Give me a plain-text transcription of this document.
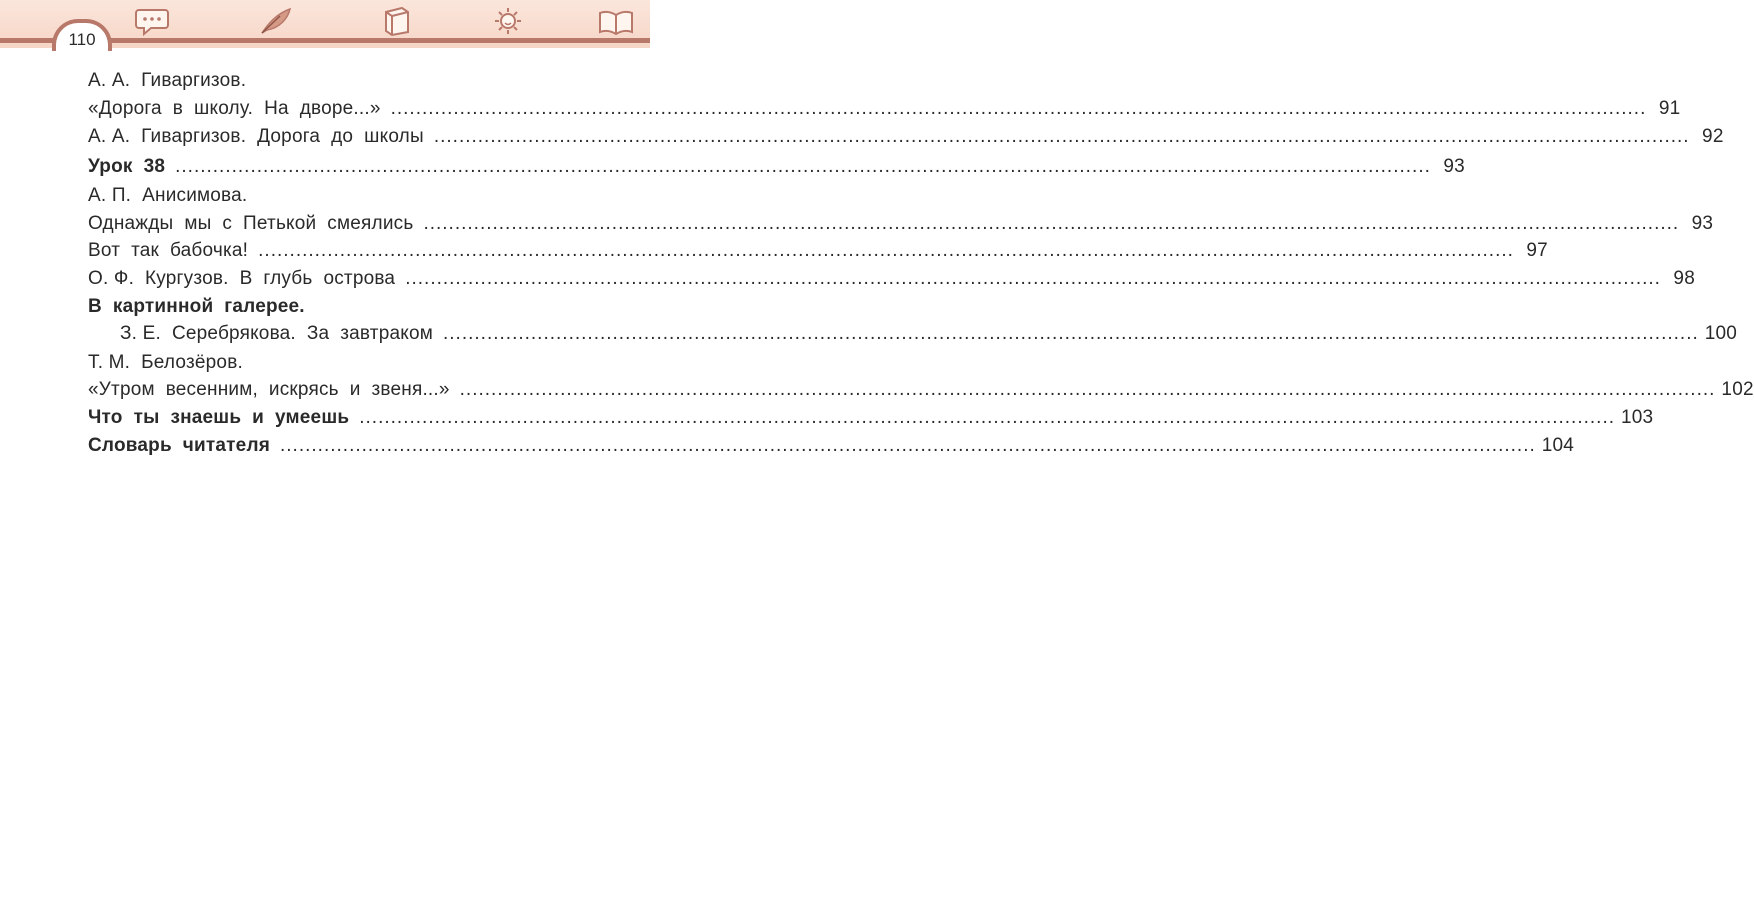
110
А. А.  Гиваргизов.
«Дорога  в  школу.  На  дворе...» ........................................................................................................................................................................................................ 91
А. А.  Гиваргизов.  Дорога  до  школы ........................................................................................................................................................................................................ 92
Урок  38 ........................................................................................................................................................................................................ 93
А. П.  Анисимова.
Однажды  мы  с  Петькой  смеялись ........................................................................................................................................................................................................ 93
Вот  так  бабочка! ........................................................................................................................................................................................................ 97
О. Ф.  Кургузов.  В  глубь  острова ........................................................................................................................................................................................................ 98
В  картинной  галерее.
З. Е.  Серебрякова.  За  завтраком ........................................................................................................................................................................................................ 100
Т. М.  Белозёров.
«Утром  весенним,  искрясь  и  звеня...» ........................................................................................................................................................................................................ 102
Что  ты  знаешь  и  умеешь ........................................................................................................................................................................................................ 103
Словарь  читателя ........................................................................................................................................................................................................ 104
